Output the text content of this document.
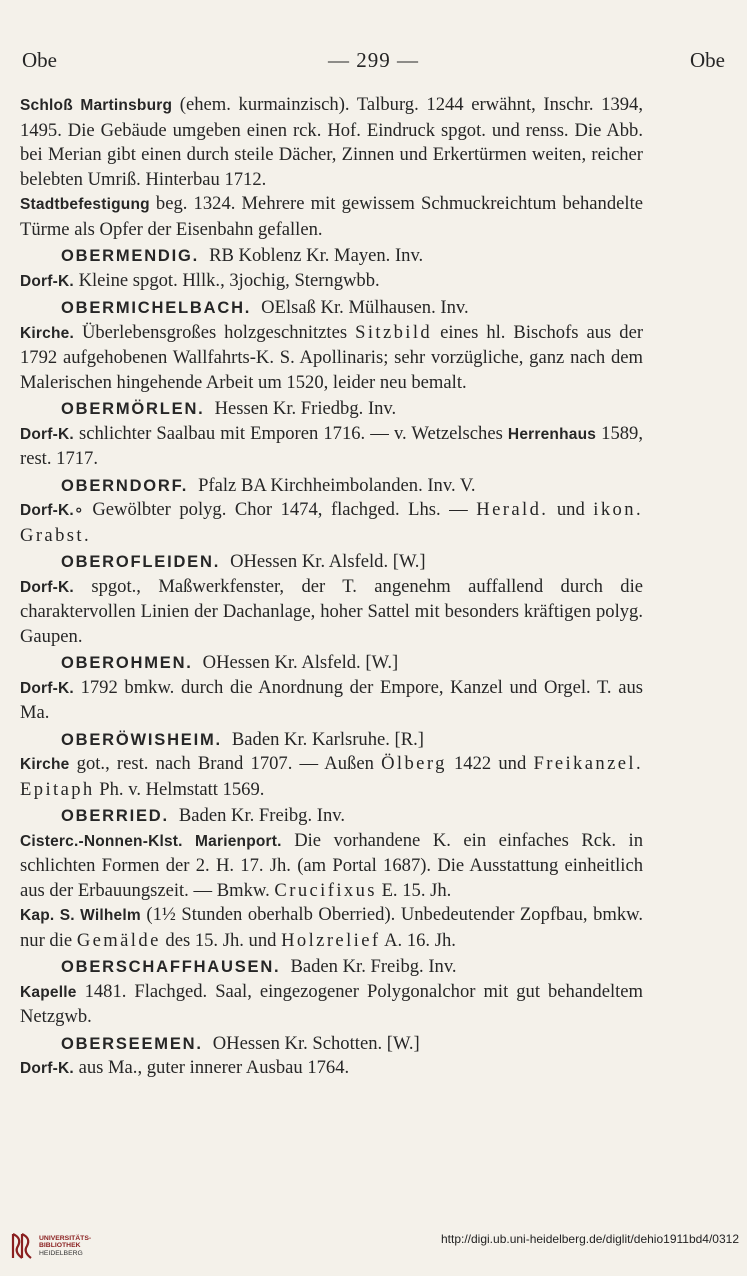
Obe	— 299 —	Obe

Schloß Martinsburg (ehem. kurmainzisch). Talburg. 1244 erwähnt, Inschr. 1394, 1495. Die Gebäude umgeben einen rck. Hof. Eindruck spgot. und renss. Die Abb. bei Merian gibt einen durch steile Dächer, Zinnen und Erkertürmen weiten, reicher belebten Umriß. Hinterbau 1712.

Stadtbefestigung beg. 1324. Mehrere mit gewissem Schmuckreichtum behandelte Türme als Opfer der Eisenbahn gefallen.

OBERMENDIG. RB Koblenz Kr. Mayen. Inv.

Dorf-K. Kleine spgot. Hllk., 3jochig, Sterngwbb.

OBERMICHELBACH. OElsaß Kr. Mülhausen. Inv.

Kirche. Überlebensgroßes holzgeschnitztes Sitzbild eines hl. Bischofs aus der 1792 aufgehobenen Wallfahrts-K. S. Apollinaris; sehr vorzügliche, ganz nach dem Malerischen hingehende Arbeit um 1520, leider neu bemalt.

OBERMÖRLEN. Hessen Kr. Friedbg. Inv.

Dorf-K. schlichter Saalbau mit Emporen 1716. — v. Wetzelsches Herrenhaus 1589, rest. 1717.

OBERNDORF. Pfalz BA Kirchheimbolanden. Inv. V.

Dorf-K.∘ Gewölbter polyg. Chor 1474, flachged. Lhs. — Herald. und ikon. Grabst.

OBEROFLEIDEN. OHessen Kr. Alsfeld. [W.]

Dorf-K. spgot., Maßwerkfenster, der T. angenehm auffallend durch die charaktervollen Linien der Dachanlage, hoher Sattel mit besonders kräftigen polyg. Gaupen.

OBEROHMEN. OHessen Kr. Alsfeld. [W.]

Dorf-K. 1792 bmkw. durch die Anordnung der Empore, Kanzel und Orgel. T. aus Ma.

OBERÖWISHEIM. Baden Kr. Karlsruhe. [R.]

Kirche got., rest. nach Brand 1707. — Außen Ölberg 1422 und Freikanzel. Epitaph Ph. v. Helmstatt 1569.

OBERRIED. Baden Kr. Freibg. Inv.

Cisterc.-Nonnen-Klst. Marienport. Die vorhandene K. ein einfaches Rck. in schlichten Formen der 2. H. 17. Jh. (am Portal 1687). Die Ausstattung einheitlich aus der Erbauungszeit. — Bmkw. Crucifixus E. 15. Jh.

Kap. S. Wilhelm (1½ Stunden oberhalb Oberried). Unbedeutender Zopfbau, bmkw. nur die Gemälde des 15. Jh. und Holzrelief A. 16. Jh.

OBERSCHAFFHAUSEN. Baden Kr. Freibg. Inv.

Kapelle 1481. Flachged. Saal, eingezogener Polygonalchor mit gut behandeltem Netzgwb.

OBERSEEMEN. OHessen Kr. Schotten. [W.]

Dorf-K. aus Ma., guter innerer Ausbau 1764.

UNIVERSITÄTS-
BIBLIOTHEK
HEIDELBERG
http://digi.ub.uni-heidelberg.de/diglit/dehio1911bd4/0312
